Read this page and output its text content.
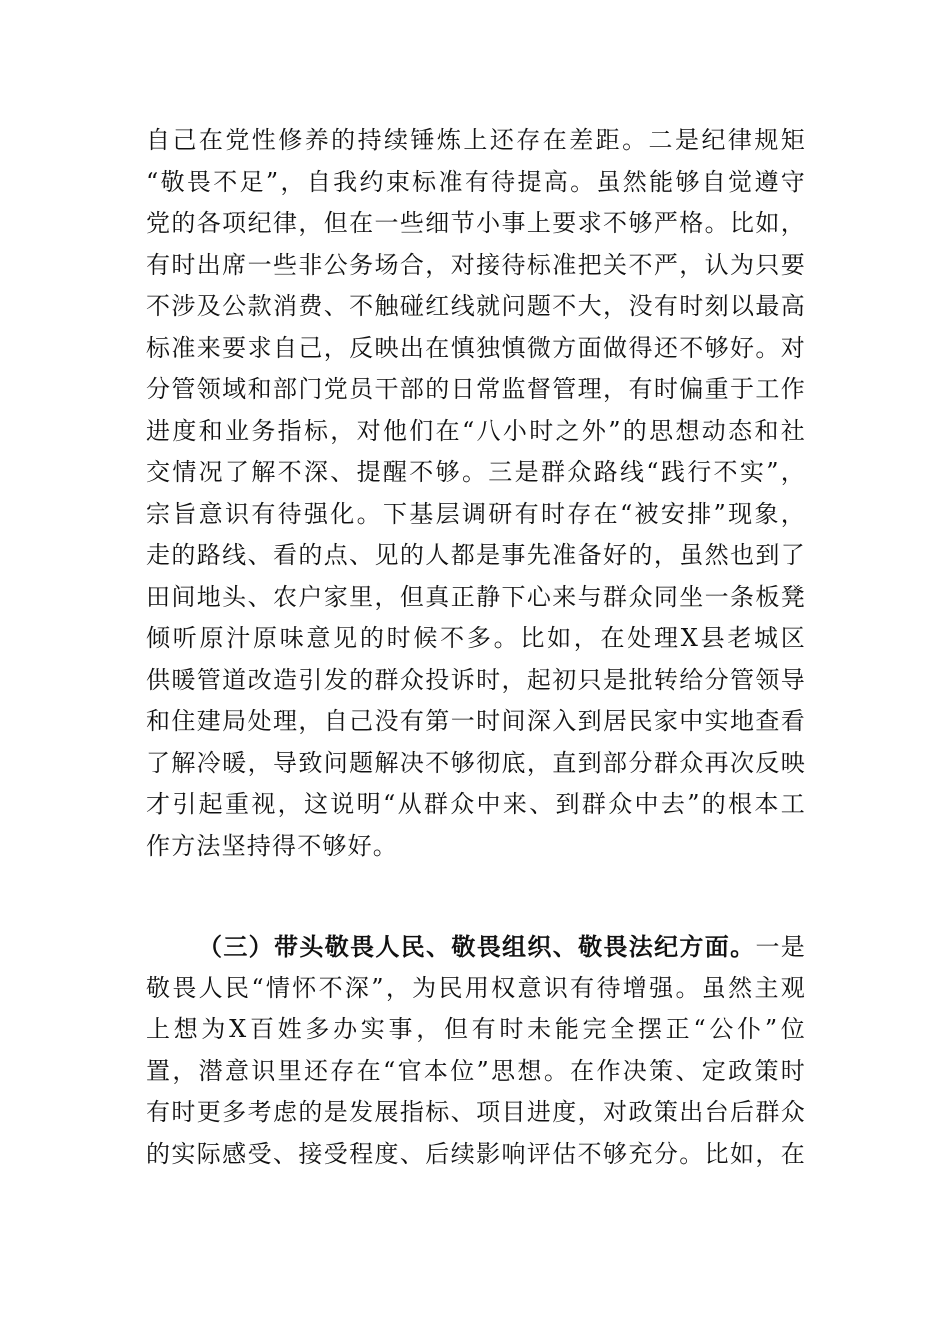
自己在党性修养的持续锤炼上还存在差距。二是纪律规矩
“敬畏不足”，自我约束标准有待提高。虽然能够自觉遵守
党的各项纪律，但在一些细节小事上要求不够严格。比如，
有时出席一些非公务场合，对接待标准把关不严，认为只要
不涉及公款消费、不触碰红线就问题不大，没有时刻以最高
标准来要求自己，反映出在慎独慎微方面做得还不够好。对
分管领域和部门党员干部的日常监督管理，有时偏重于工作
进度和业务指标，对他们在“八小时之外”的思想动态和社
交情况了解不深、提醒不够。三是群众路线“践行不实”，
宗旨意识有待强化。下基层调研有时存在“被安排”现象，
走的路线、看的点、见的人都是事先准备好的，虽然也到了
田间地头、农户家里，但真正静下心来与群众同坐一条板凳
倾听原汁原味意见的时候不多。比如，在处理X县老城区
供暖管道改造引发的群众投诉时，起初只是批转给分管领导
和住建局处理，自己没有第一时间深入到居民家中实地查看
了解冷暖，导致问题解决不够彻底，直到部分群众再次反映
才引起重视，这说明“从群众中来、到群众中去”的根本工
作方法坚持得不够好。
（三）带头敬畏人民、敬畏组织、敬畏法纪方面。一是
敬畏人民“情怀不深”，为民用权意识有待增强。虽然主观
上想为X百姓多办实事，但有时未能完全摆正“公仆”位
置，潜意识里还存在“官本位”思想。在作决策、定政策时
有时更多考虑的是发展指标、项目进度，对政策出台后群众
的实际感受、接受程度、后续影响评估不够充分。比如，在
